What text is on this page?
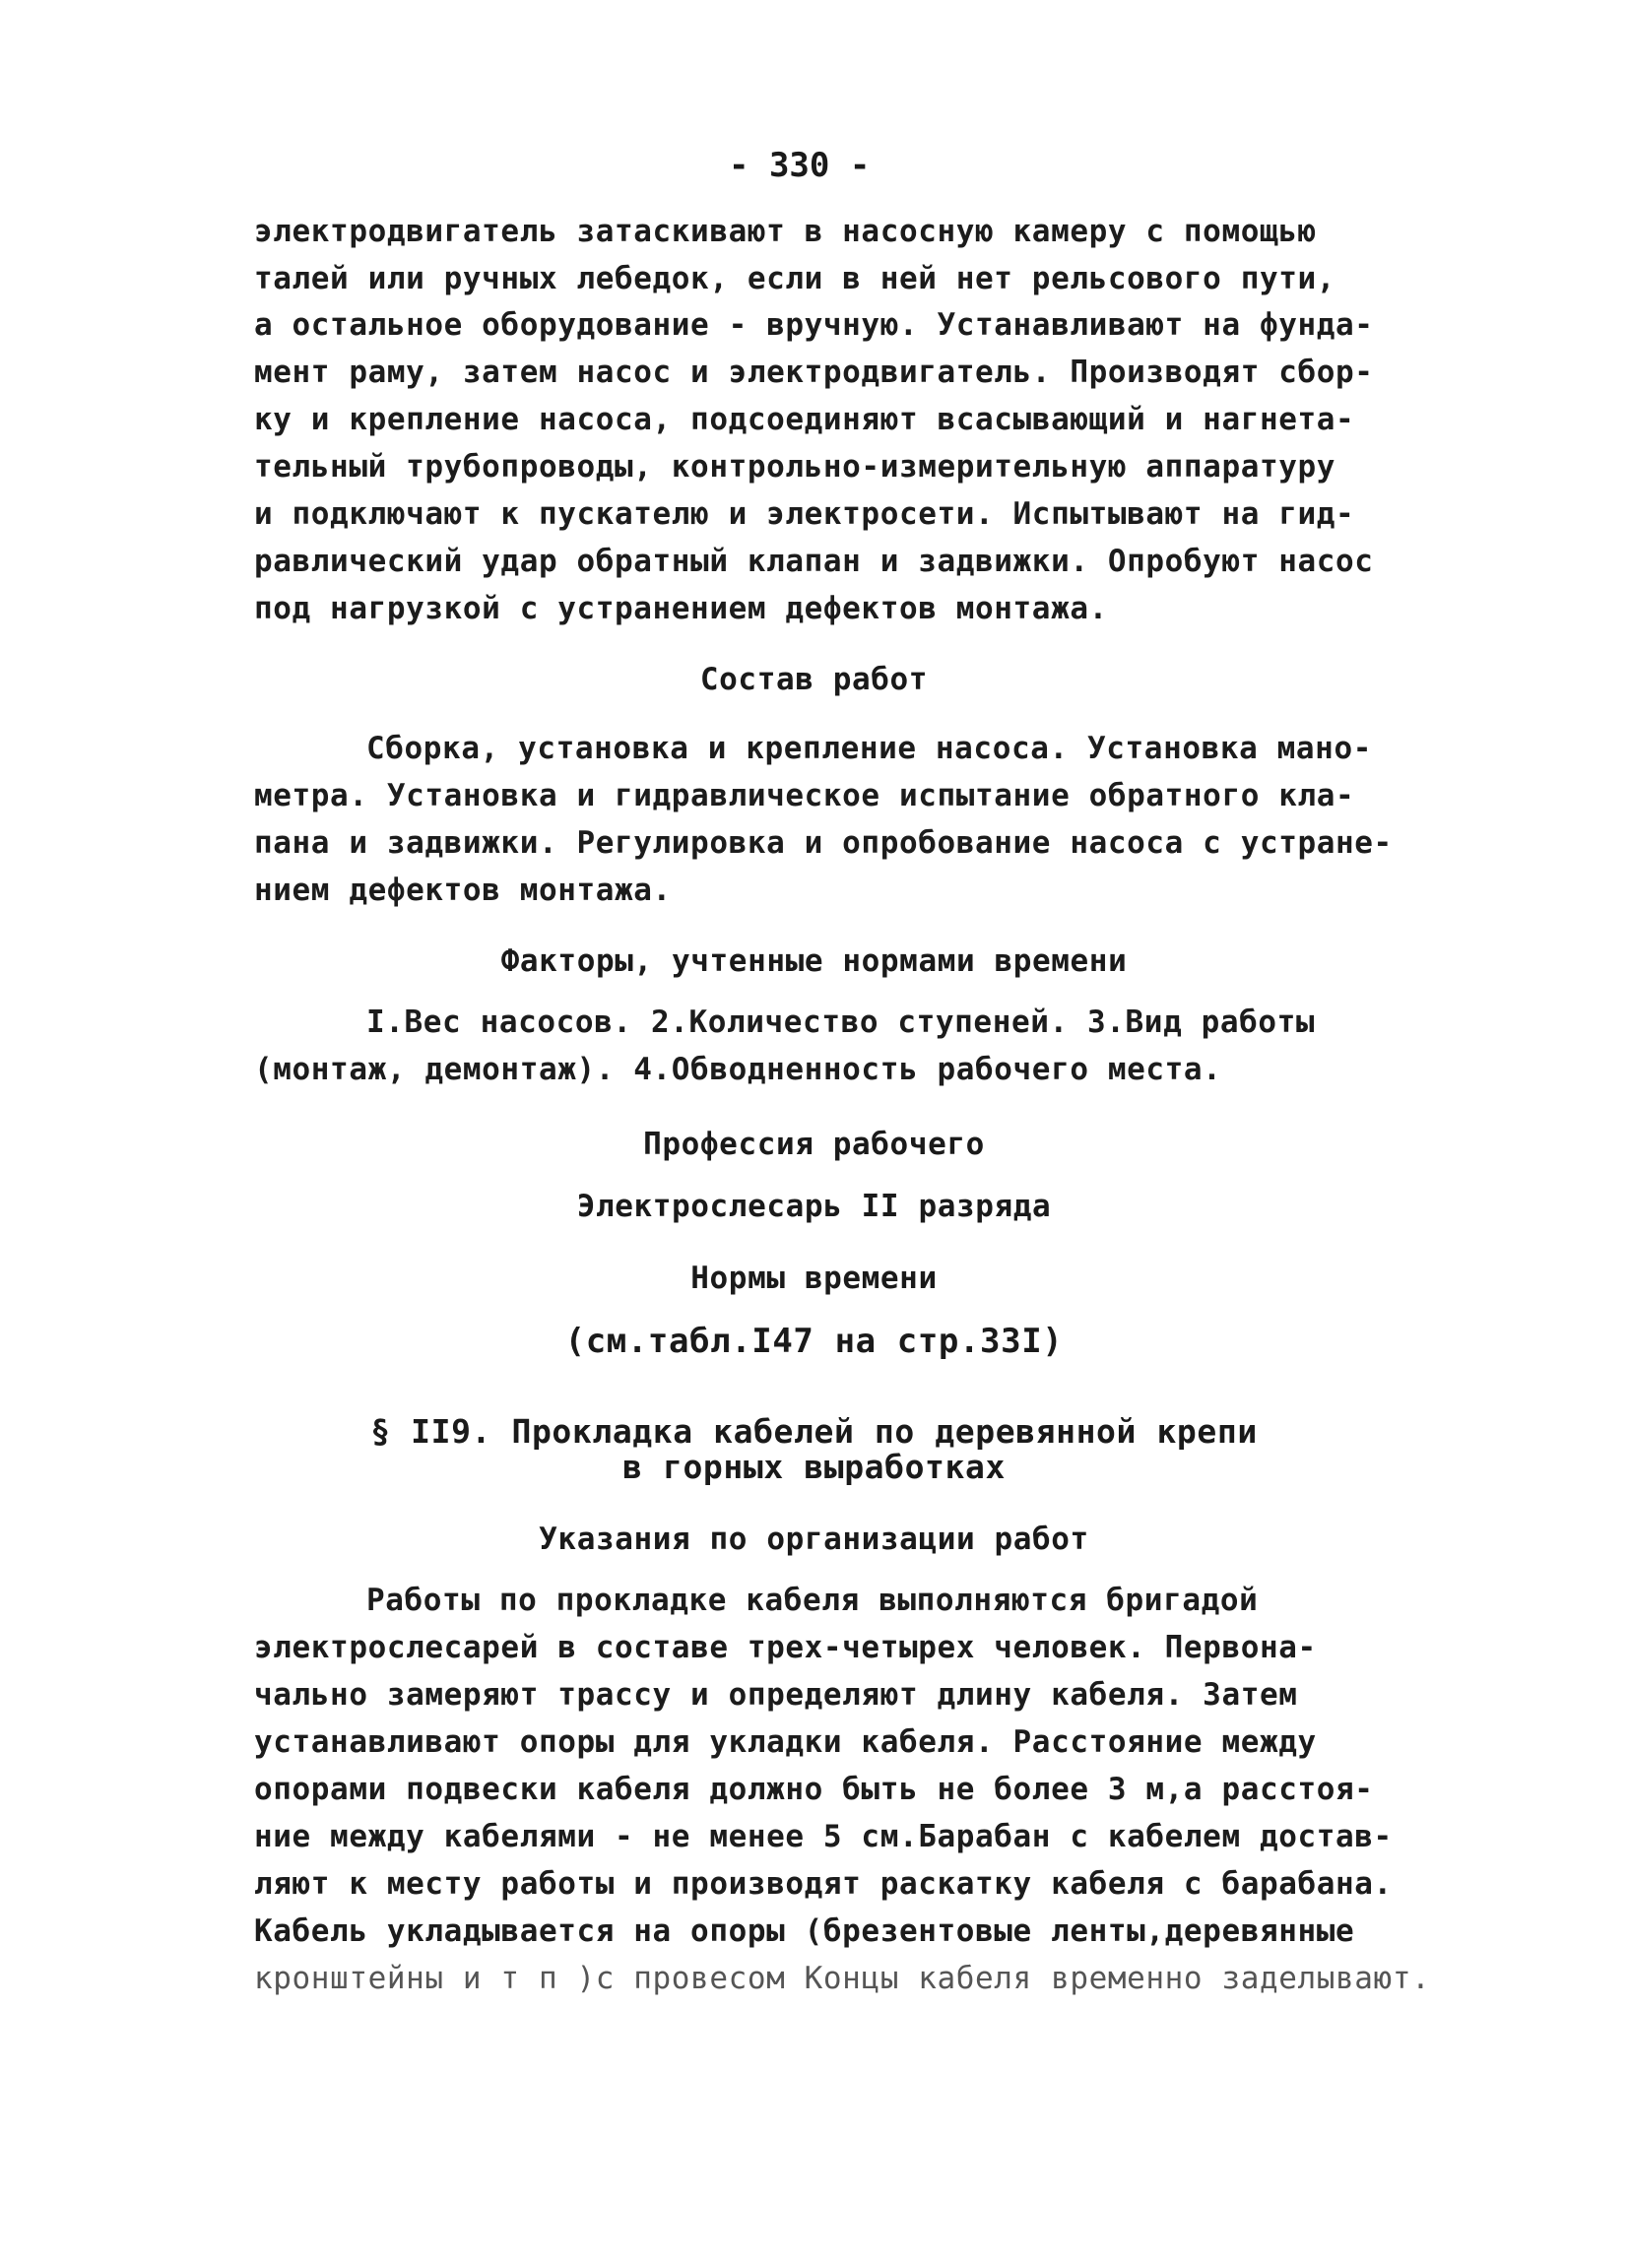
- 330 -
электродвигатель затаскивают в насосную камеру с помощью
талей или ручных лебедок, если в ней нет рельсового пути,
а остальное оборудование - вручную. Устанавливают на фунда-
мент раму, затем насос и электродвигатель. Производят сбор-
ку и крепление насоса, подсоединяют всасывающий и нагнета-
тельный трубопроводы, контрольно-измерительную аппаратуру
и подключают к пускателю и электросети. Испытывают на гид-
равлический удар обратный клапан и задвижки. Опробуют насос
под нагрузкой с устранением дефектов монтажа.
Состав работ
Сборка, установка и крепление насоса. Установка мано-
метра. Установка и гидравлическое испытание обратного кла-
пана и задвижки. Регулировка и опробование насоса с устране-
нием дефектов монтажа.
Факторы, учтенные нормами времени
I.Вес насосов. 2.Количество ступеней. 3.Вид работы
(монтаж, демонтаж). 4.Обводненность рабочего места.
Профессия рабочего
Электрослесарь II разряда
Нормы времени
(см.табл.I47 на стр.33I)
§ II9. Прокладка кабелей по деревянной крепи
в горных выработках
Указания по организации работ
Работы по прокладке кабеля выполняются бригадой
электрослесарей в составе трех-четырех человек. Первона-
чально замеряют трассу и определяют длину кабеля. Затем
устанавливают опоры для укладки кабеля. Расстояние между
опорами подвески кабеля должно быть не более 3 м,а расстоя-
ние между кабелями - не менее 5 см.Барабан с кабелем достав-
ляют к месту работы и производят раскатку кабеля с барабана.
Кабель укладывается на опоры (брезентовые ленты,деревянные
кронштейны и т п )с провесом Концы кабеля временно заделывают.
